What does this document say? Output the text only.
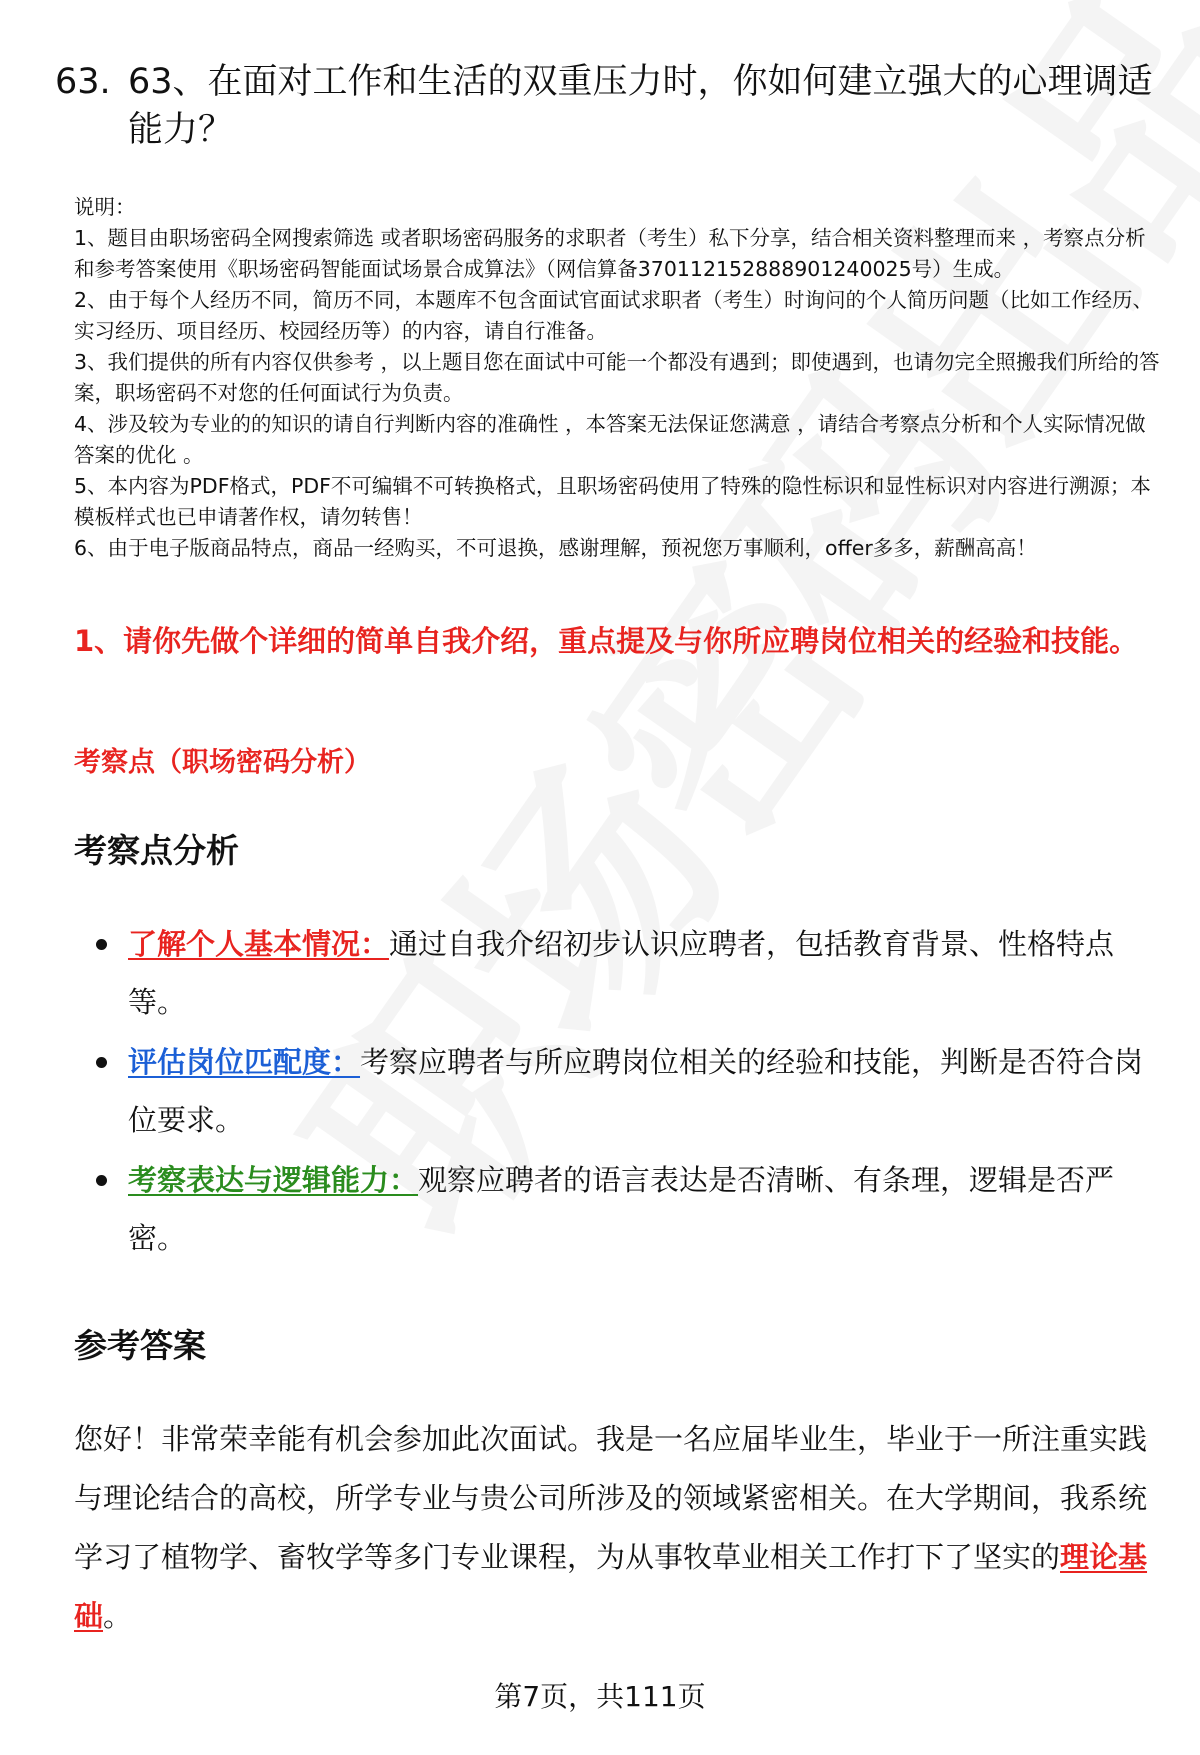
63. 63、在面对工作和生活的双重压力时，你如何建立强大的心理调适能力？

说明：

1、题目由职场密码全网搜索筛选 或者职场密码服务的求职者（考生）私下分享，结合相关资料整理而来 ，考察点分析和参考答案使用《职场密码智能面试场景合成算法》（网信算备370112152888901240025号）生成。

2、由于每个人经历不同，简历不同，本题库不包含面试官面试求职者（考生）时询问的个人简历问题（比如工作经历、实习经历、项目经历、校园经历等）的内容，请自行准备。

3、我们提供的所有内容仅供参考 ，以上题目您在面试中可能一个都没有遇到；即使遇到，也请勿完全照搬我们所给的答案，职场密码不对您的任何面试行为负责。

4、涉及较为专业的的知识的请自行判断内容的准确性 ，本答案无法保证您满意 ，请结合考察点分析和个人实际情况做答案的优化 。

5、本内容为PDF格式，PDF不可编辑不可转换格式，且职场密码使用了特殊的隐性标识和显性标识对内容进行溯源；本模板样式也已申请著作权，请勿转售！

6、由于电子版商品特点，商品一经购买，不可退换，感谢理解，预祝您万事顺利，offer多多，薪酬高高！

1、请你先做个详细的简单自我介绍，重点提及与你所应聘岗位相关的经验和技能。
考察点（职场密码分析）
考察点分析
了解个人基本情况：通过自我介绍初步认识应聘者，包括教育背景、性格特点等。
评估岗位匹配度：考察应聘者与所应聘岗位相关的经验和技能，判断是否符合岗位要求。
考察表达与逻辑能力：观察应聘者的语言表达是否清晰、有条理，逻辑是否严密。
参考答案

您好！非常荣幸能有机会参加此次面试。我是一名应届毕业生，毕业于一所注重实践与理论结合的高校，所学专业与贵公司所涉及的领域紧密相关。在大学期间，我系统学习了植物学、畜牧学等多门专业课程，为从事牧草业相关工作打下了坚实的理论基础。

第7页，共111页
